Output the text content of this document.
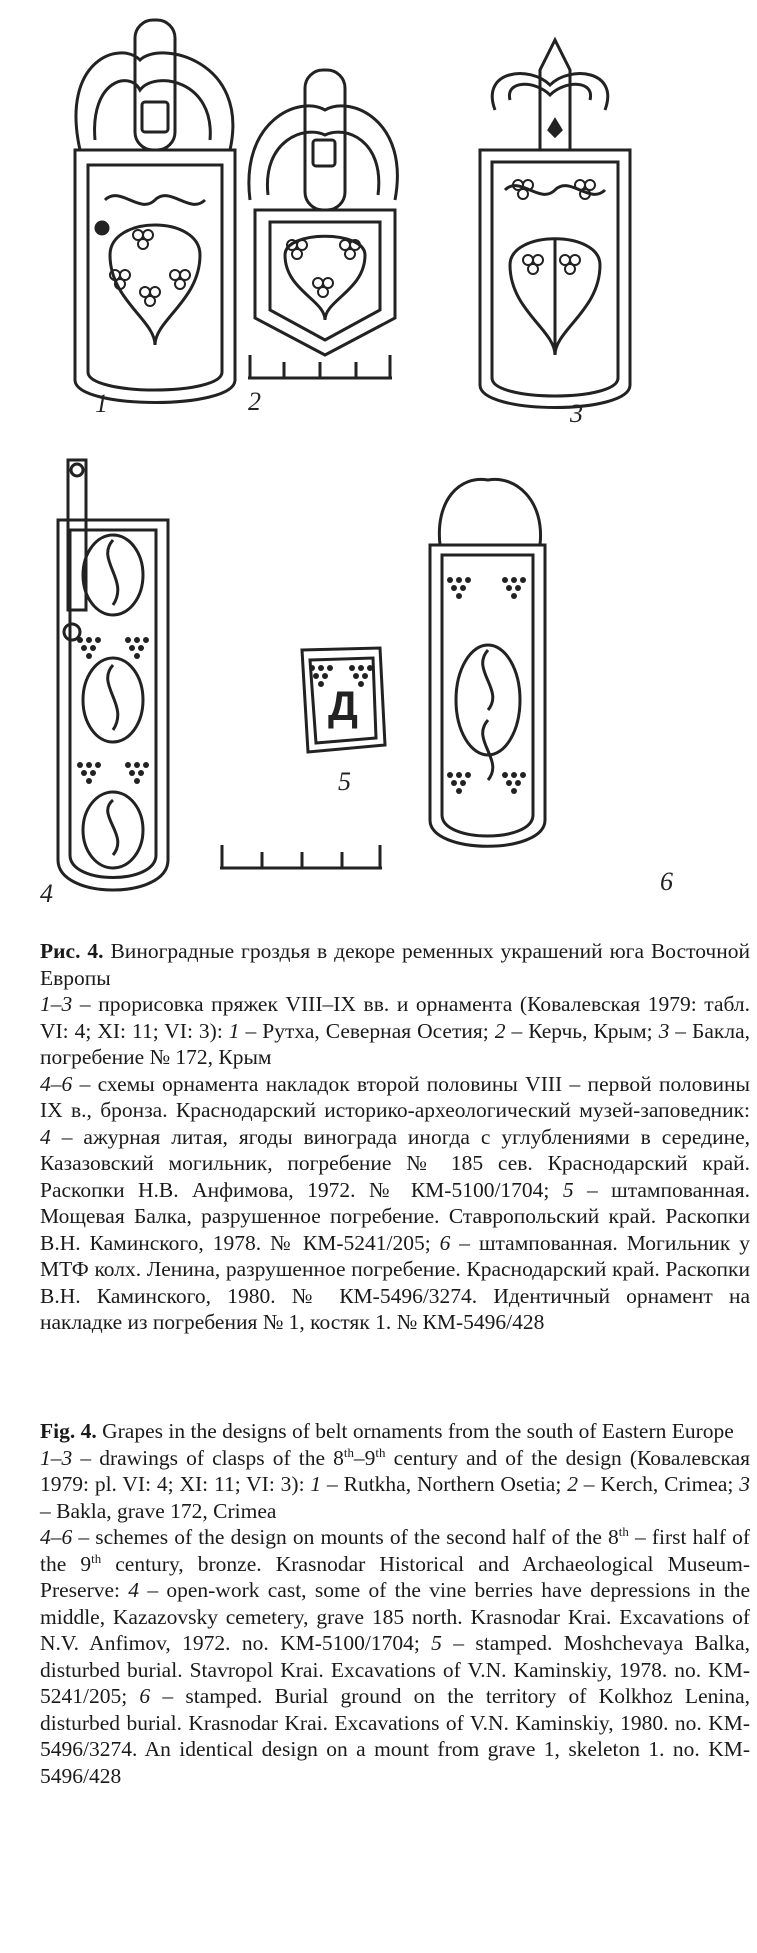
Д
1	2	3
4
5
6

Рис. 4. Виноградные гроздья в декоре ременных украшений юга Восточной Европы

1–3 – прорисовка пряжек VIII–IX вв. и орнамента (Ковалевская 1979: табл. VI: 4; XI: 11; VI: 3): 1 – Рутха, Северная Осетия; 2 – Керчь, Крым; 3 – Бакла, погребение № 172, Крым

4–6 – схемы орнамента накладок второй половины VIII – первой половины IX в., бронза. Краснодарский историко-археологический музей-заповедник: 4 – ажурная литая, ягоды винограда иногда с углублениями в середине, Казазовский могильник, погребение № 185 сев. Краснодарский край. Раскопки Н.В. Анфимова, 1972. № КМ-5100/1704; 5 – штампованная. Мощевая Балка, разрушенное погребение. Ставропольский край. Раскопки В.Н. Каминского, 1978. № КМ-5241/205; 6 – штампованная. Могильник у МТФ колх. Ленина, разрушенное погребение. Краснодарский край. Раскопки В.Н. Каминского, 1980. № КМ-5496/3274. Идентичный орнамент на накладке из погребения № 1, костяк 1. № КМ-5496/428

Fig. 4. Grapes in the designs of belt ornaments from the south of Eastern Europe

1–3 – drawings of clasps of the 8th–9th century and of the design (Ковалевская 1979: pl. VI: 4; XI: 11; VI: 3): 1 – Rutkha, Northern Osetia; 2 – Kerch, Crimea; 3 – Bakla, grave 172, Crimea

4–6 – schemes of the design on mounts of the second half of the 8th – first half of the 9th century, bronze. Krasnodar Historical and Archaeological Museum-Preserve: 4 – open-work cast, some of the vine berries have depressions in the middle, Kazazovsky cemetery, grave 185 north. Krasnodar Krai. Excavations of N.V. Anfimov, 1972. no. KM-5100/1704; 5 – stamped. Moshchevaya Balka, disturbed burial. Stavropol Krai. Excavations of V.N. Kaminskiy, 1978. no. KM-5241/205; 6 – stamped. Burial ground on the territory of Kolkhoz Lenina, disturbed burial. Krasnodar Krai. Excavations of V.N. Kaminskiy, 1980. no. KM-5496/3274. An identical design on a mount from grave 1, skeleton 1. no. KM-5496/428
